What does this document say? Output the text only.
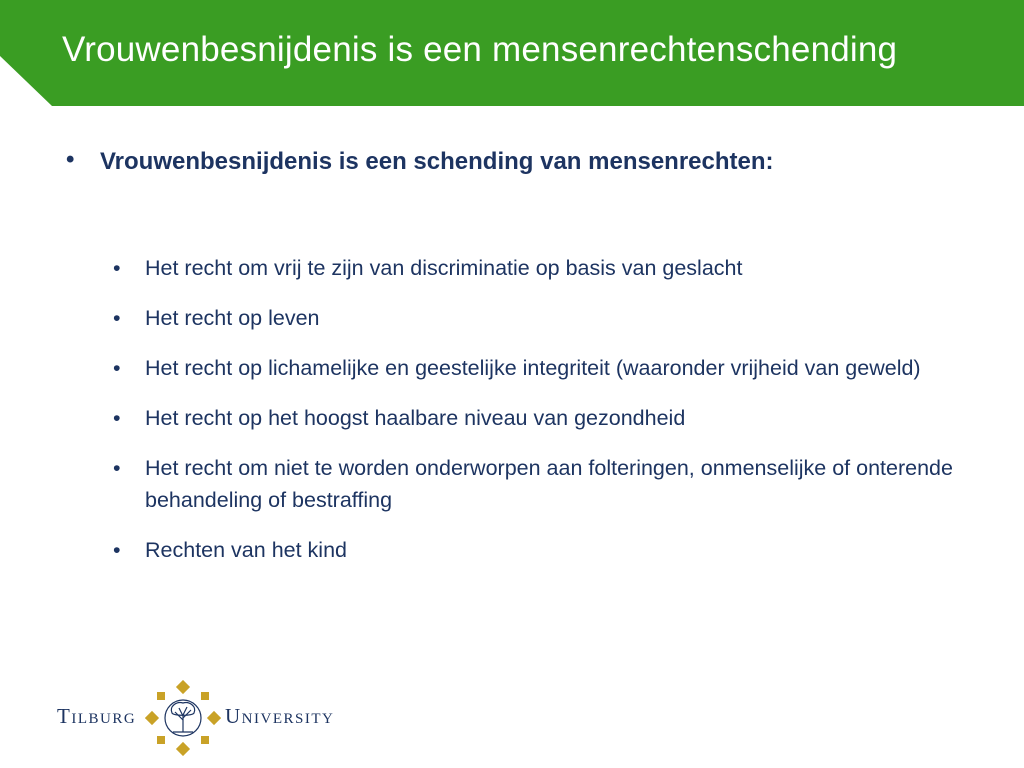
Vrouwenbesnijdenis is een mensenrechtenschending
• Vrouwenbesnijdenis is een schending van mensenrechten:
• Het recht om vrij te zijn van discriminatie op basis van geslacht
• Het recht op leven
• Het recht op lichamelijke en geestelijke integriteit (waaronder vrijheid van geweld)
• Het recht op het hoogst haalbare niveau van gezondheid
• Het recht om niet te worden onderworpen aan folteringen, onmenselijke of onterende behandeling of bestraffing
• Rechten van het kind
Tilburg	University
